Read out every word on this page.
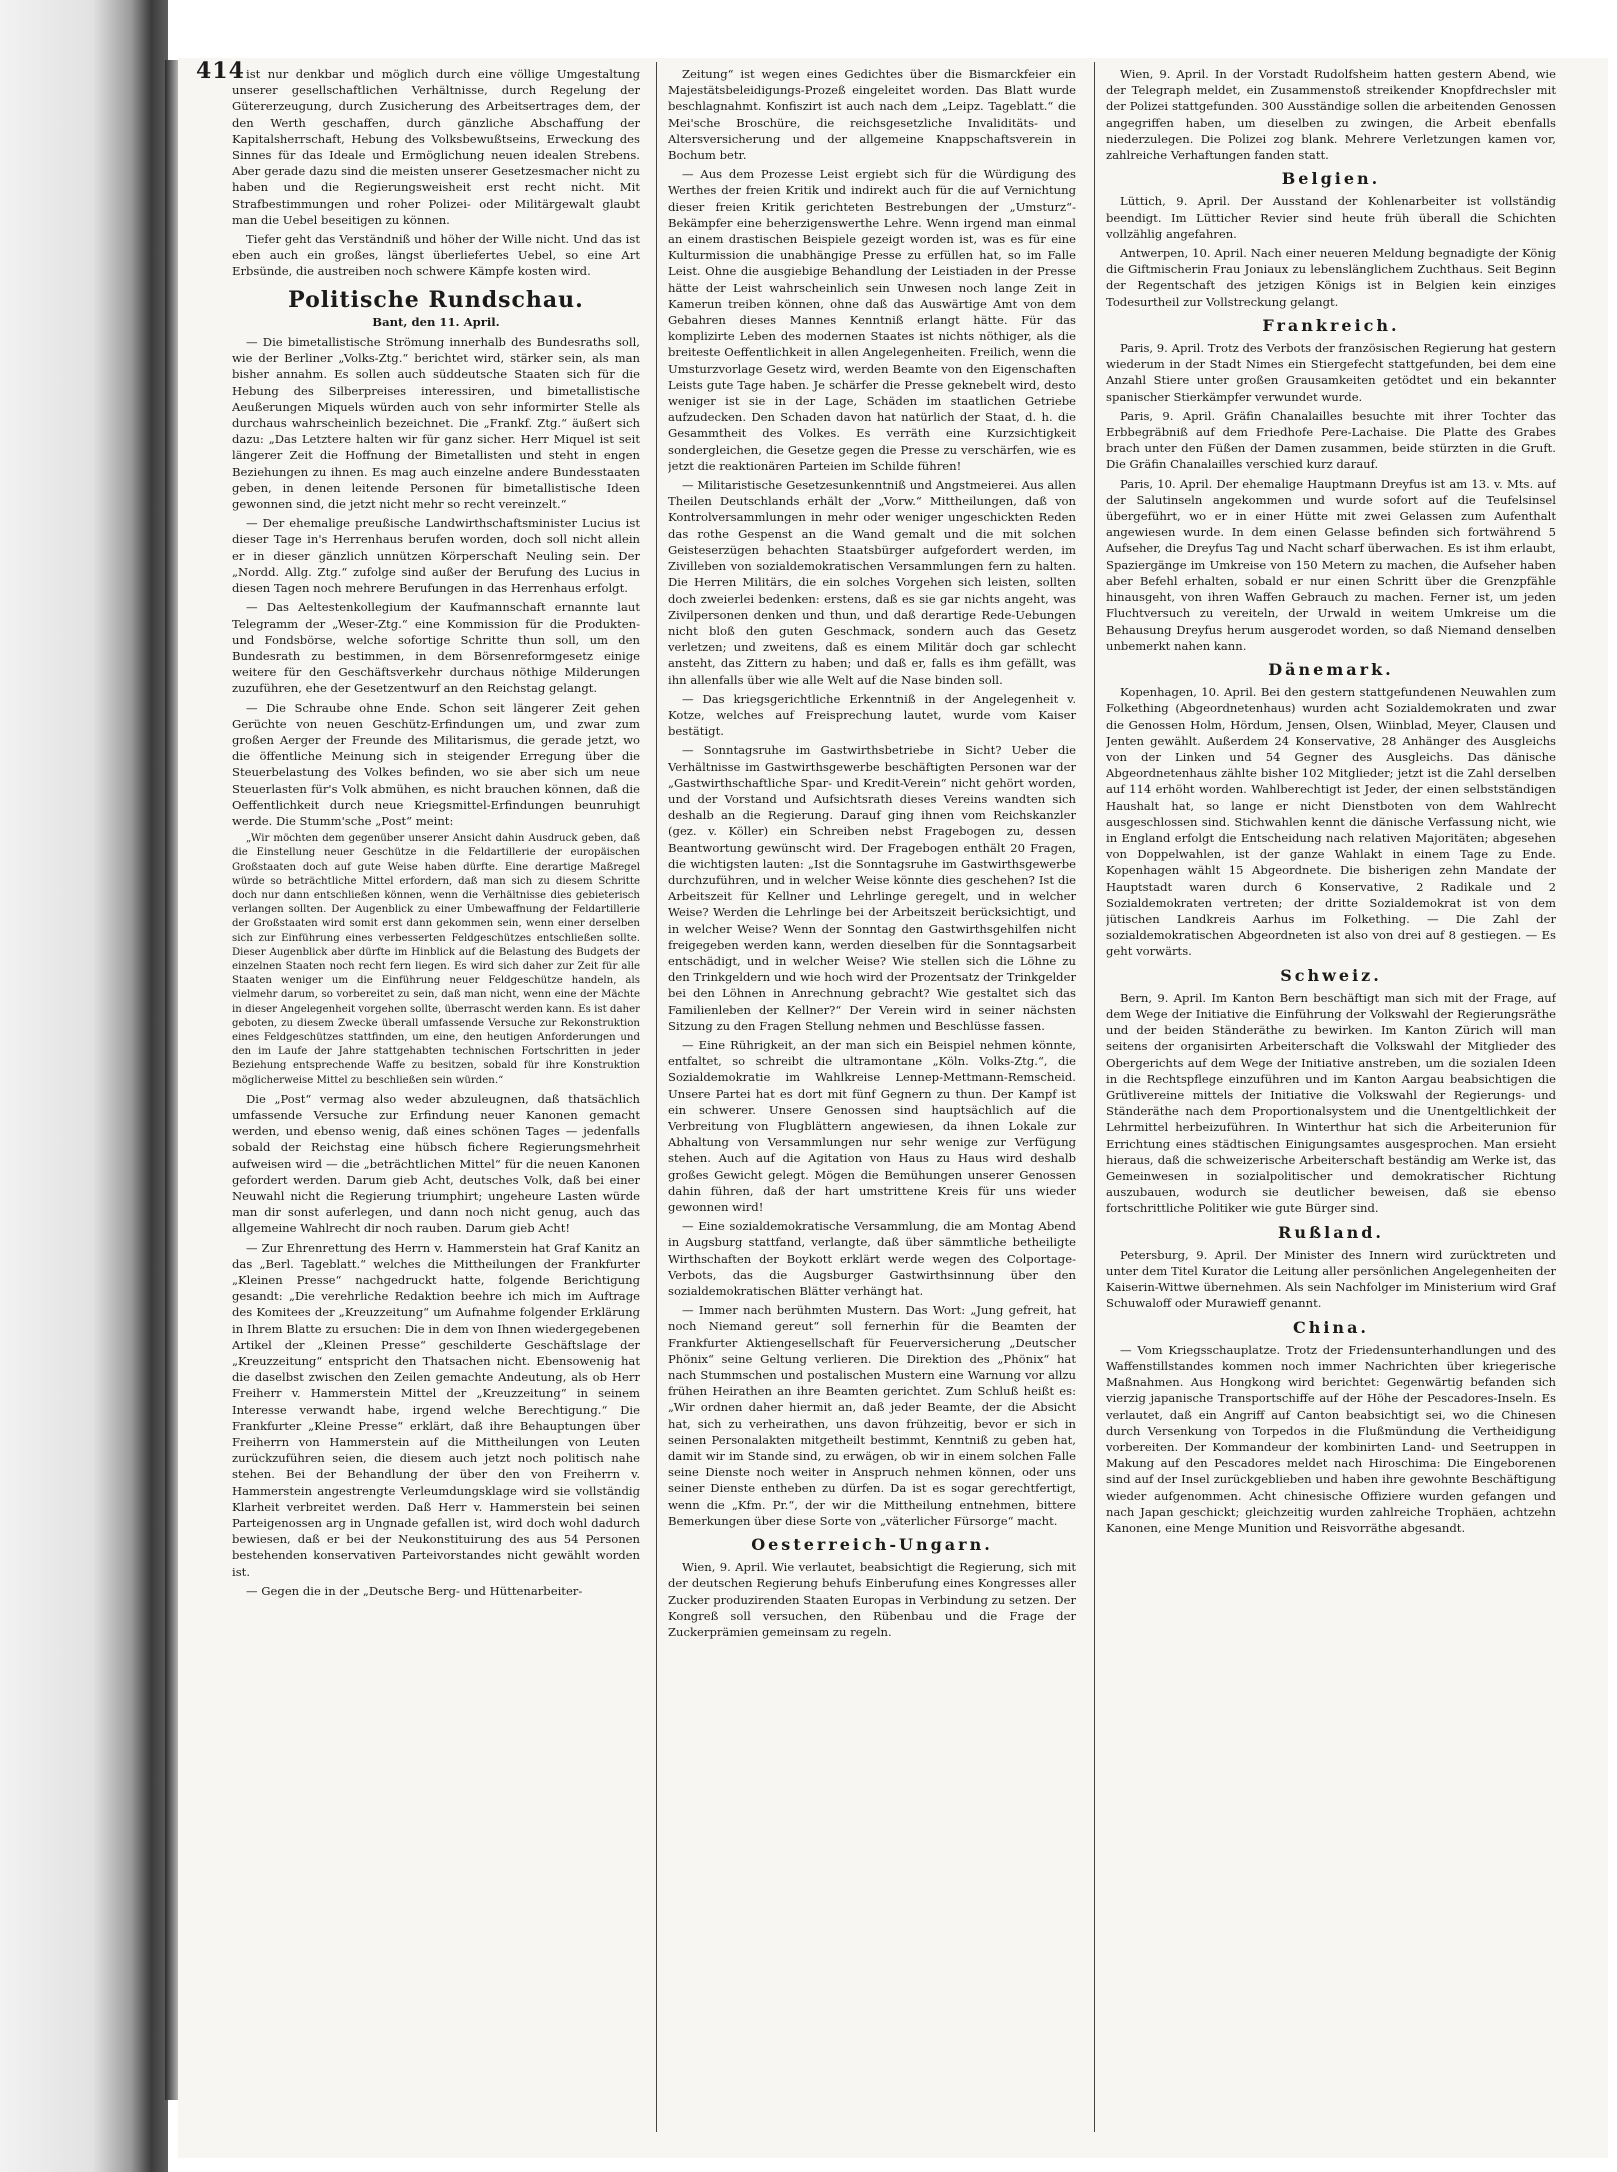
414 ist nur denkbar und möglich durch eine völlige Umgestaltung unserer gesellschaftlichen Verhältnisse, durch Regelung der Gütererzeugung, durch Zusicherung des Arbeitsertrages dem, der den Werth geschaffen, durch gänzliche Abschaffung der Kapitalsherrschaft, Hebung des Volksbewußtseins, Erweckung des Sinnes für das Ideale und Ermöglichung neuen idealen Strebens. Aber gerade dazu sind die meisten unserer Gesetzesmacher nicht zu haben und die Regierungsweisheit erst recht nicht. Mit Strafbestimmungen und roher Polizei- oder Militärgewalt glaubt man die Uebel beseitigen zu können.

Tiefer geht das Verständniß und höher der Wille nicht. Und das ist eben auch ein großes, längst überliefertes Uebel, so eine Art Erbsünde, die austreiben noch schwere Kämpfe kosten wird.

Politische Rundschau.
Bant, den 11. April.

— Die bimetallistische Strömung innerhalb des Bundesraths soll, wie der Berliner „Volks-Ztg.“ berichtet wird, stärker sein, als man bisher annahm. Es sollen auch süddeutsche Staaten sich für die Hebung des Silberpreises interessiren, und bimetallistische Aeußerungen Miquels würden auch von sehr informirter Stelle als durchaus wahrscheinlich bezeichnet. Die „Frankf. Ztg.“ äußert sich dazu: „Das Letztere halten wir für ganz sicher. Herr Miquel ist seit längerer Zeit die Hoffnung der Bimetallisten und steht in engen Beziehungen zu ihnen. Es mag auch einzelne andere Bundesstaaten geben, in denen leitende Personen für bimetallistische Ideen gewonnen sind, die jetzt nicht mehr so recht vereinzelt.“

— Der ehemalige preußische Landwirthschaftsminister Lucius ist dieser Tage in's Herrenhaus berufen worden, doch soll nicht allein er in dieser gänzlich unnützen Körperschaft Neuling sein. Der „Nordd. Allg. Ztg.“ zufolge sind außer der Berufung des Lucius in diesen Tagen noch mehrere Berufungen in das Herrenhaus erfolgt.

— Das Aeltestenkollegium der Kaufmannschaft ernannte laut Telegramm der „Weser-Ztg.“ eine Kommission für die Produkten- und Fondsbörse, welche sofortige Schritte thun soll, um den Bundesrath zu bestimmen, in dem Börsenreformgesetz einige weitere für den Geschäftsverkehr durchaus nöthige Milderungen zuzuführen, ehe der Gesetzentwurf an den Reichstag gelangt.

— Die Schraube ohne Ende. Schon seit längerer Zeit gehen Gerüchte von neuen Geschütz-Erfindungen um, und zwar zum großen Aerger der Freunde des Militarismus, die gerade jetzt, wo die öffentliche Meinung sich in steigender Erregung über die Steuerbelastung des Volkes befinden, wo sie aber sich um neue Steuerlasten für's Volk abmühen, es nicht brauchen können, daß die Oeffentlichkeit durch neue Kriegsmittel-Erfindungen beunruhigt werde. Die Stumm'sche „Post“ meint:

„Wir möchten dem gegenüber unserer Ansicht dahin Ausdruck geben, daß die Einstellung neuer Geschütze in die Feldartillerie der europäischen Großstaaten doch auf gute Weise haben dürfte. Eine derartige Maßregel würde so beträchtliche Mittel erfordern, daß man sich zu diesem Schritte doch nur dann entschließen können, wenn die Verhältnisse dies gebieterisch verlangen sollten. Der Augenblick zu einer Umbewaffnung der Feldartillerie der Großstaaten wird somit erst dann gekommen sein, wenn einer derselben sich zur Einführung eines verbesserten Feldgeschützes entschließen sollte. Dieser Augenblick aber dürfte im Hinblick auf die Belastung des Budgets der einzelnen Staaten noch recht fern liegen. Es wird sich daher zur Zeit für alle Staaten weniger um die Einführung neuer Feldgeschütze handeln, als vielmehr darum, so vorbereitet zu sein, daß man nicht, wenn eine der Mächte in dieser Angelegenheit vorgehen sollte, überrascht werden kann. Es ist daher geboten, zu diesem Zwecke überall umfassende Versuche zur Rekonstruktion eines Feldgeschützes stattfinden, um eine, den heutigen Anforderungen und den im Laufe der Jahre stattgehabten technischen Fortschritten in jeder Beziehung entsprechende Waffe zu besitzen, sobald für ihre Konstruktion möglicherweise Mittel zu beschließen sein würden.“

Die „Post“ vermag also weder abzuleugnen, daß thatsächlich umfassende Versuche zur Erfindung neuer Kanonen gemacht werden, und ebenso wenig, daß eines schönen Tages — jedenfalls sobald der Reichstag eine hübsch fichere Regierungsmehrheit aufweisen wird — die „beträchtlichen Mittel“ für die neuen Kanonen gefordert werden. Darum gieb Acht, deutsches Volk, daß bei einer Neuwahl nicht die Regierung triumphirt; ungeheure Lasten würde man dir sonst auferlegen, und dann noch nicht genug, auch das allgemeine Wahlrecht dir noch rauben. Darum gieb Acht!

— Zur Ehrenrettung des Herrn v. Hammerstein hat Graf Kanitz an das „Berl. Tageblatt.“ welches die Mittheilungen der Frankfurter „Kleinen Presse“ nachgedruckt hatte, folgende Berichtigung gesandt: „Die verehrliche Redaktion beehre ich mich im Auftrage des Komitees der „Kreuzzeitung“ um Aufnahme folgender Erklärung in Ihrem Blatte zu ersuchen: Die in dem von Ihnen wiedergegebenen Artikel der „Kleinen Presse“ geschilderte Geschäftslage der „Kreuzzeitung“ entspricht den Thatsachen nicht. Ebensowenig hat die daselbst zwischen den Zeilen gemachte Andeutung, als ob Herr Freiherr v. Hammerstein Mittel der „Kreuzzeitung“ in seinem Interesse verwandt habe, irgend welche Berechtigung.“ Die Frankfurter „Kleine Presse“ erklärt, daß ihre Behauptungen über Freiherrn von Hammerstein auf die Mittheilungen von Leuten zurückzuführen seien, die diesem auch jetzt noch politisch nahe stehen. Bei der Behandlung der über den von Freiherrn v. Hammerstein angestrengte Verleumdungsklage wird sie vollständig Klarheit verbreitet werden. Daß Herr v. Hammerstein bei seinen Parteigenossen arg in Ungnade gefallen ist, wird doch wohl dadurch bewiesen, daß er bei der Neukonstituirung des aus 54 Personen bestehenden konservativen Parteivorstandes nicht gewählt worden ist.

— Gegen die in der „Deutsche Berg- und Hüttenarbeiter-

Zeitung“ ist wegen eines Gedichtes über die Bismarckfeier ein Majestätsbeleidigungs-Prozeß eingeleitet worden. Das Blatt wurde beschlagnahmt. Konfiszirt ist auch nach dem „Leipz. Tageblatt.“ die Mei'sche Broschüre, die reichsgesetzliche Invaliditäts- und Altersversicherung und der allgemeine Knappschaftsverein in Bochum betr.

— Aus dem Prozesse Leist ergiebt sich für die Würdigung des Werthes der freien Kritik und indirekt auch für die auf Vernichtung dieser freien Kritik gerichteten Bestrebungen der „Umsturz“-Bekämpfer eine beherzigenswerthe Lehre. Wenn irgend man einmal an einem drastischen Beispiele gezeigt worden ist, was es für eine Kulturmission die unabhängige Presse zu erfüllen hat, so im Falle Leist. Ohne die ausgiebige Behandlung der Leistiaden in der Presse hätte der Leist wahrscheinlich sein Unwesen noch lange Zeit in Kamerun treiben können, ohne daß das Auswärtige Amt von dem Gebahren dieses Mannes Kenntniß erlangt hätte. Für das komplizirte Leben des modernen Staates ist nichts nöthiger, als die breiteste Oeffentlichkeit in allen Angelegenheiten. Freilich, wenn die Umsturzvorlage Gesetz wird, werden Beamte von den Eigenschaften Leists gute Tage haben. Je schärfer die Presse geknebelt wird, desto weniger ist sie in der Lage, Schäden im staatlichen Getriebe aufzudecken. Den Schaden davon hat natürlich der Staat, d. h. die Gesammtheit des Volkes. Es verräth eine Kurzsichtigkeit sondergleichen, die Gesetze gegen die Presse zu verschärfen, wie es jetzt die reaktionären Parteien im Schilde führen!

— Militaristische Gesetzesunkenntniß und Angstmeierei. Aus allen Theilen Deutschlands erhält der „Vorw.“ Mittheilungen, daß von Kontrolversammlungen in mehr oder weniger ungeschickten Reden das rothe Gespenst an die Wand gemalt und die mit solchen Geisteserzügen behachten Staatsbürger aufgefordert werden, im Zivilleben von sozialdemokratischen Versammlungen fern zu halten. Die Herren Militärs, die ein solches Vorgehen sich leisten, sollten doch zweierlei bedenken: erstens, daß es sie gar nichts angeht, was Zivilpersonen denken und thun, und daß derartige Rede-Uebungen nicht bloß den guten Geschmack, sondern auch das Gesetz verletzen; und zweitens, daß es einem Militär doch gar schlecht ansteht, das Zittern zu haben; und daß er, falls es ihm gefällt, was ihn allenfalls über wie alle Welt auf die Nase binden soll.

— Das kriegsgerichtliche Erkenntniß in der Angelegenheit v. Kotze, welches auf Freisprechung lautet, wurde vom Kaiser bestätigt.

— Sonntagsruhe im Gastwirthsbetriebe in Sicht? Ueber die Verhältnisse im Gastwirthsgewerbe beschäftigten Personen war der „Gastwirthschaftliche Spar- und Kredit-Verein“ nicht gehört worden, und der Vorstand und Aufsichtsrath dieses Vereins wandten sich deshalb an die Regierung. Darauf ging ihnen vom Reichskanzler (gez. v. Köller) ein Schreiben nebst Fragebogen zu, dessen Beantwortung gewünscht wird. Der Fragebogen enthält 20 Fragen, die wichtigsten lauten: „Ist die Sonntagsruhe im Gastwirthsgewerbe durchzuführen, und in welcher Weise könnte dies geschehen? Ist die Arbeitszeit für Kellner und Lehrlinge geregelt, und in welcher Weise? Werden die Lehrlinge bei der Arbeitszeit berücksichtigt, und in welcher Weise? Wenn der Sonntag den Gastwirthsgehilfen nicht freigegeben werden kann, werden dieselben für die Sonntagsarbeit entschädigt, und in welcher Weise? Wie stellen sich die Löhne zu den Trinkgeldern und wie hoch wird der Prozentsatz der Trinkgelder bei den Löhnen in Anrechnung gebracht? Wie gestaltet sich das Familienleben der Kellner?“ Der Verein wird in seiner nächsten Sitzung zu den Fragen Stellung nehmen und Beschlüsse fassen.

— Eine Rührigkeit, an der man sich ein Beispiel nehmen könnte, entfaltet, so schreibt die ultramontane „Köln. Volks-Ztg.“, die Sozialdemokratie im Wahlkreise Lennep-Mettmann-Remscheid. Unsere Partei hat es dort mit fünf Gegnern zu thun. Der Kampf ist ein schwerer. Unsere Genossen sind hauptsächlich auf die Verbreitung von Flugblättern angewiesen, da ihnen Lokale zur Abhaltung von Versammlungen nur sehr wenige zur Verfügung stehen. Auch auf die Agitation von Haus zu Haus wird deshalb großes Gewicht gelegt. Mögen die Bemühungen unserer Genossen dahin führen, daß der hart umstrittene Kreis für uns wieder gewonnen wird!

— Eine sozialdemokratische Versammlung, die am Montag Abend in Augsburg stattfand, verlangte, daß über sämmtliche betheiligte Wirthschaften der Boykott erklärt werde wegen des Colportage-Verbots, das die Augsburger Gastwirthsinnung über den sozialdemokratischen Blätter verhängt hat.

— Immer nach berühmten Mustern. Das Wort: „Jung gefreit, hat noch Niemand gereut“ soll fernerhin für die Beamten der Frankfurter Aktiengesellschaft für Feuerversicherung „Deutscher Phönix“ seine Geltung verlieren. Die Direktion des „Phönix“ hat nach Stummschen und postalischen Mustern eine Warnung vor allzu frühen Heirathen an ihre Beamten gerichtet. Zum Schluß heißt es: „Wir ordnen daher hiermit an, daß jeder Beamte, der die Absicht hat, sich zu verheirathen, uns davon frühzeitig, bevor er sich in seinen Personalakten mitgetheilt bestimmt, Kenntniß zu geben hat, damit wir im Stande sind, zu erwägen, ob wir in einem solchen Falle seine Dienste noch weiter in Anspruch nehmen können, oder uns seiner Dienste entheben zu dürfen. Da ist es sogar gerechtfertigt, wenn die „Kfm. Pr.“, der wir die Mittheilung entnehmen, bittere Bemerkungen über diese Sorte von „väterlicher Fürsorge“ macht.

Oesterreich-Ungarn.

Wien, 9. April. Wie verlautet, beabsichtigt die Regierung, sich mit der deutschen Regierung behufs Einberufung eines Kongresses aller Zucker produzirenden Staaten Europas in Verbindung zu setzen. Der Kongreß soll versuchen, den Rübenbau und die Frage der Zuckerprämien gemeinsam zu regeln.

Wien, 9. April. In der Vorstadt Rudolfsheim hatten gestern Abend, wie der Telegraph meldet, ein Zusammenstoß streikender Knopfdrechsler mit der Polizei stattgefunden. 300 Ausständige sollen die arbeitenden Genossen angegriffen haben, um dieselben zu zwingen, die Arbeit ebenfalls niederzulegen. Die Polizei zog blank. Mehrere Verletzungen kamen vor, zahlreiche Verhaftungen fanden statt.

Belgien.

Lüttich, 9. April. Der Ausstand der Kohlenarbeiter ist vollständig beendigt. Im Lütticher Revier sind heute früh überall die Schichten vollzählig angefahren.

Antwerpen, 10. April. Nach einer neueren Meldung begnadigte der König die Giftmischerin Frau Joniaux zu lebenslänglichem Zuchthaus. Seit Beginn der Regentschaft des jetzigen Königs ist in Belgien kein einziges Todesurtheil zur Vollstreckung gelangt.

Frankreich.

Paris, 9. April. Trotz des Verbots der französischen Regierung hat gestern wiederum in der Stadt Nimes ein Stiergefecht stattgefunden, bei dem eine Anzahl Stiere unter großen Grausamkeiten getödtet und ein bekannter spanischer Stierkämpfer verwundet wurde.

Paris, 9. April. Gräfin Chanalailles besuchte mit ihrer Tochter das Erbbegräbniß auf dem Friedhofe Pere-Lachaise. Die Platte des Grabes brach unter den Füßen der Damen zusammen, beide stürzten in die Gruft. Die Gräfin Chanalailles verschied kurz darauf.

Paris, 10. April. Der ehemalige Hauptmann Dreyfus ist am 13. v. Mts. auf der Salutinseln angekommen und wurde sofort auf die Teufelsinsel übergeführt, wo er in einer Hütte mit zwei Gelassen zum Aufenthalt angewiesen wurde. In dem einen Gelasse befinden sich fortwährend 5 Aufseher, die Dreyfus Tag und Nacht scharf überwachen. Es ist ihm erlaubt, Spaziergänge im Umkreise von 150 Metern zu machen, die Aufseher haben aber Befehl erhalten, sobald er nur einen Schritt über die Grenzpfähle hinausgeht, von ihren Waffen Gebrauch zu machen. Ferner ist, um jeden Fluchtversuch zu vereiteln, der Urwald in weitem Umkreise um die Behausung Dreyfus herum ausgerodet worden, so daß Niemand denselben unbemerkt nahen kann.

Dänemark.

Kopenhagen, 10. April. Bei den gestern stattgefundenen Neuwahlen zum Folkething (Abgeordnetenhaus) wurden acht Sozialdemokraten und zwar die Genossen Holm, Hördum, Jensen, Olsen, Wiinblad, Meyer, Clausen und Jenten gewählt. Außerdem 24 Konservative, 28 Anhänger des Ausgleichs von der Linken und 54 Gegner des Ausgleichs. Das dänische Abgeordnetenhaus zählte bisher 102 Mitglieder; jetzt ist die Zahl derselben auf 114 erhöht worden. Wahlberechtigt ist Jeder, der einen selbstständigen Haushalt hat, so lange er nicht Dienstboten von dem Wahlrecht ausgeschlossen sind. Stichwahlen kennt die dänische Verfassung nicht, wie in England erfolgt die Entscheidung nach relativen Majoritäten; abgesehen von Doppelwahlen, ist der ganze Wahlakt in einem Tage zu Ende. Kopenhagen wählt 15 Abgeordnete. Die bisherigen zehn Mandate der Hauptstadt waren durch 6 Konservative, 2 Radikale und 2 Sozialdemokraten vertreten; der dritte Sozialdemokrat ist von dem jütischen Landkreis Aarhus im Folkething. — Die Zahl der sozialdemokratischen Abgeordneten ist also von drei auf 8 gestiegen. — Es geht vorwärts.

Schweiz.

Bern, 9. April. Im Kanton Bern beschäftigt man sich mit der Frage, auf dem Wege der Initiative die Einführung der Volkswahl der Regierungsräthe und der beiden Ständeräthe zu bewirken. Im Kanton Zürich will man seitens der organisirten Arbeiterschaft die Volkswahl der Mitglieder des Obergerichts auf dem Wege der Initiative anstreben, um die sozialen Ideen in die Rechtspflege einzuführen und im Kanton Aargau beabsichtigen die Grütlivereine mittels der Initiative die Volkswahl der Regierungs- und Ständeräthe nach dem Proportionalsystem und die Unentgeltlichkeit der Lehrmittel herbeizuführen. In Winterthur hat sich die Arbeiterunion für Errichtung eines städtischen Einigungsamtes ausgesprochen. Man ersieht hieraus, daß die schweizerische Arbeiterschaft beständig am Werke ist, das Gemeinwesen in sozialpolitischer und demokratischer Richtung auszubauen, wodurch sie deutlicher beweisen, daß sie ebenso fortschrittliche Politiker wie gute Bürger sind.

Rußland.

Petersburg, 9. April. Der Minister des Innern wird zurücktreten und unter dem Titel Kurator die Leitung aller persönlichen Angelegenheiten der Kaiserin-Wittwe übernehmen. Als sein Nachfolger im Ministerium wird Graf Schuwaloff oder Murawieff genannt.

China.

— Vom Kriegsschauplatze. Trotz der Friedensunterhandlungen und des Waffenstillstandes kommen noch immer Nachrichten über kriegerische Maßnahmen. Aus Hongkong wird berichtet: Gegenwärtig befanden sich vierzig japanische Transportschiffe auf der Höhe der Pescadores-Inseln. Es verlautet, daß ein Angriff auf Canton beabsichtigt sei, wo die Chinesen durch Versenkung von Torpedos in die Flußmündung die Vertheidigung vorbereiten. Der Kommandeur der kombinirten Land- und Seetruppen in Makung auf den Pescadores meldet nach Hiroschima: Die Eingeborenen sind auf der Insel zurückgeblieben und haben ihre gewohnte Beschäftigung wieder aufgenommen. Acht chinesische Offiziere wurden gefangen und nach Japan geschickt; gleichzeitig wurden zahlreiche Trophäen, achtzehn Kanonen, eine Menge Munition und Reisvorräthe abgesandt.
